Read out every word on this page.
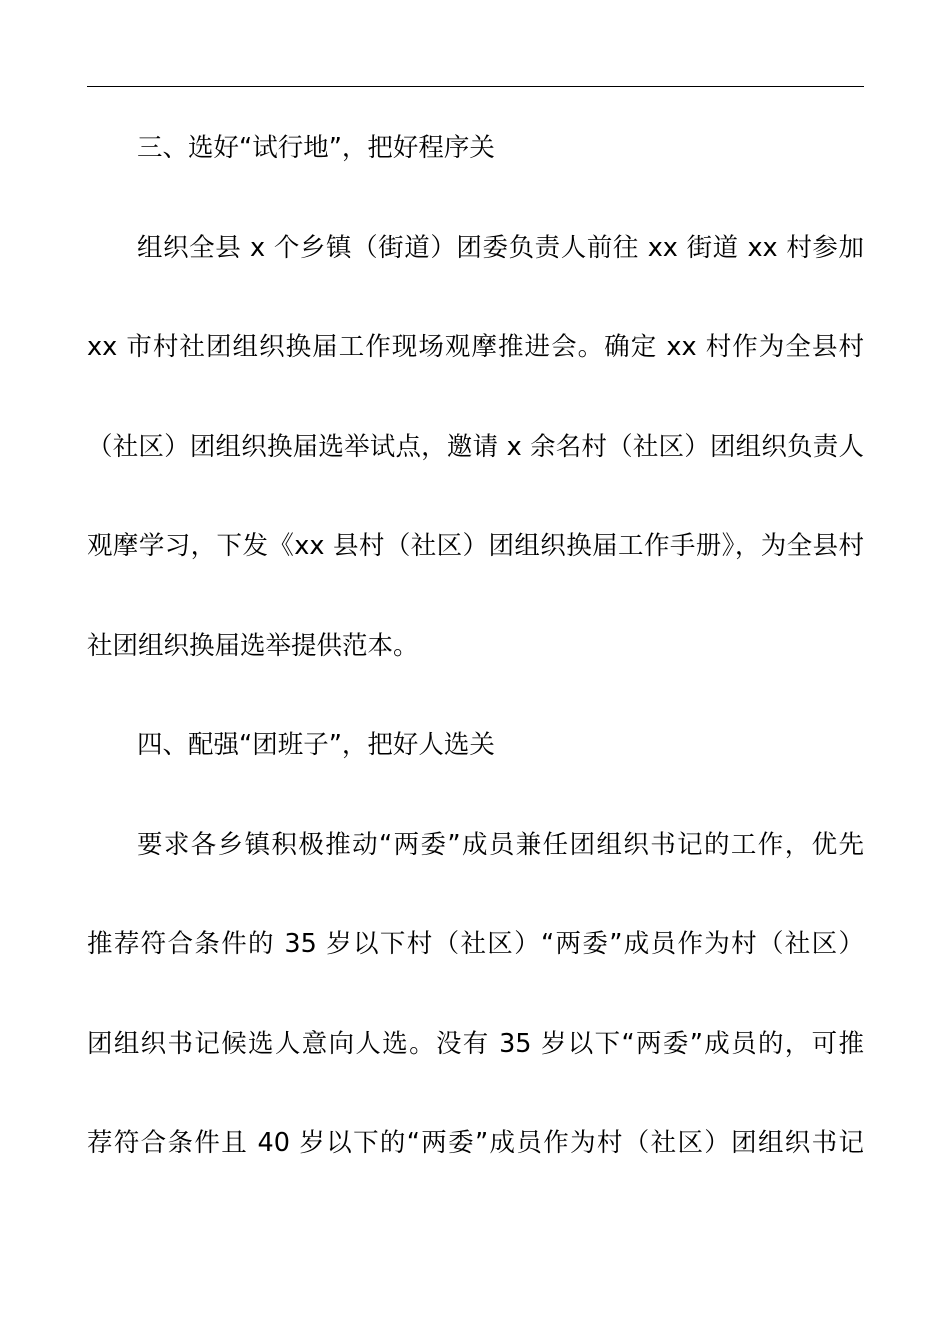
三、选好“试行地”，把好程序关
组织全县 x 个乡镇（街道）团委负责人前往 xx 街道 xx 村参加
xx 市村社团组织换届工作现场观摩推进会。确定 xx 村作为全县村
（社区）团组织换届选举试点，邀请 x 余名村（社区）团组织负责人
观摩学习，下发《xx 县村（社区）团组织换届工作手册》，为全县村
社团组织换届选举提供范本。
四、配强“团班子”，把好人选关
要求各乡镇积极推动“两委”成员兼任团组织书记的工作，优先
推荐符合条件的 35 岁以下村（社区）“两委”成员作为村（社区）
团组织书记候选人意向人选。没有 35 岁以下“两委”成员的，可推
荐符合条件且 40 岁以下的“两委”成员作为村（社区）团组织书记
